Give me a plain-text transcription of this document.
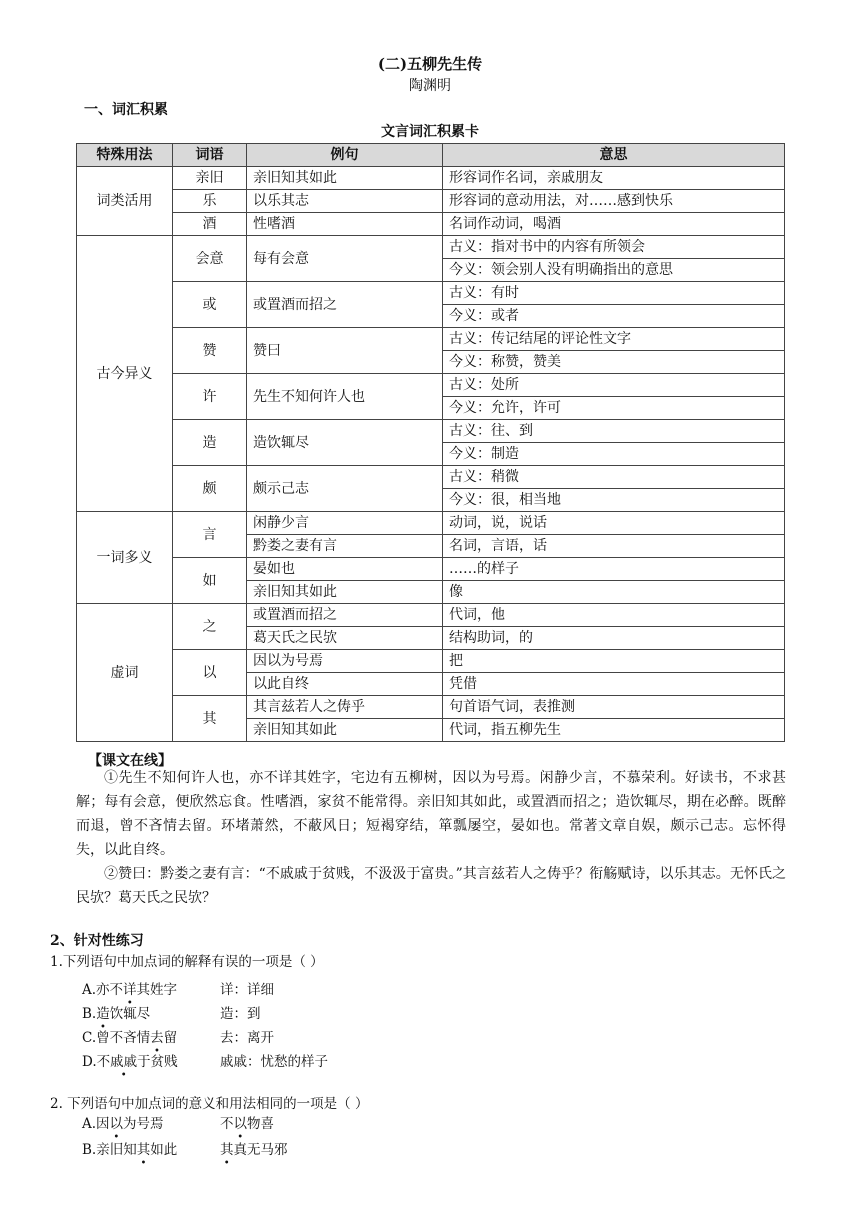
(二)五柳先生传
陶渊明
一、词汇积累
文言词汇积累卡
特殊用法	词语	例句	意思
词类活用	亲旧	亲旧知其如此	形容词作名词，亲戚朋友
	乐	以乐其志	形容词的意动用法，对……感到快乐
	酒	性嗜酒	名词作动词，喝酒
古今异义	会意	每有会意	古义：指对书中的内容有所领会
			今义：领会别人没有明确指出的意思
	或	或置酒而招之	古义：有时
			今义：或者
	赞	赞曰	古义：传记结尾的评论性文字
			今义：称赞，赞美
	许	先生不知何许人也	古义：处所
			今义：允许，许可
	造	造饮辄尽	古义：往、到
			今义：制造
	颇	颇示己志	古义：稍微
			今义：很，相当地
一词多义	言	闲静少言	动词，说，说话
		黔娄之妻有言	名词，言语，话
	如	晏如也	……的样子
		亲旧知其如此	像
虚词	之	或置酒而招之	代词，他
		葛天氏之民欤	结构助词，的
	以	因以为号焉	把
		以此自终	凭借
	其	其言兹若人之俦乎	句首语气词，表推测
		亲旧知其如此	代词，指五柳先生
【课文在线】

①先生不知何许人也，亦不详其姓字，宅边有五柳树，因以为号焉。闲静少言，不慕荣利。好读书，不求甚解；每有会意，便欣然忘食。性嗜酒，家贫不能常得。亲旧知其如此，或置酒而招之；造饮辄尽，期在必醉。既醉而退，曾不吝情去留。环堵萧然，不蔽风日；短褐穿结，箪瓢屡空，晏如也。常著文章自娱，颇示己志。忘怀得失，以此自终。

②赞曰：黔娄之妻有言：“不戚戚于贫贱，不汲汲于富贵。”其言兹若人之俦乎？衔觞赋诗，以乐其志。无怀氏之民欤？葛天氏之民欤？

2、针对性练习
1.下列语句中加点词的解释有误的一项是（ ）
A.亦不详其姓字	详：详细
B.造饮辄尽	造：到
C.曾不吝情去留	去：离开
D.不戚戚于贫贱	戚戚：忧愁的样子
2. 下列语句中加点词的意义和用法相同的一项是（ ）
A.因以为号焉	不以物喜
B.亲旧知其如此	其真无马邪
